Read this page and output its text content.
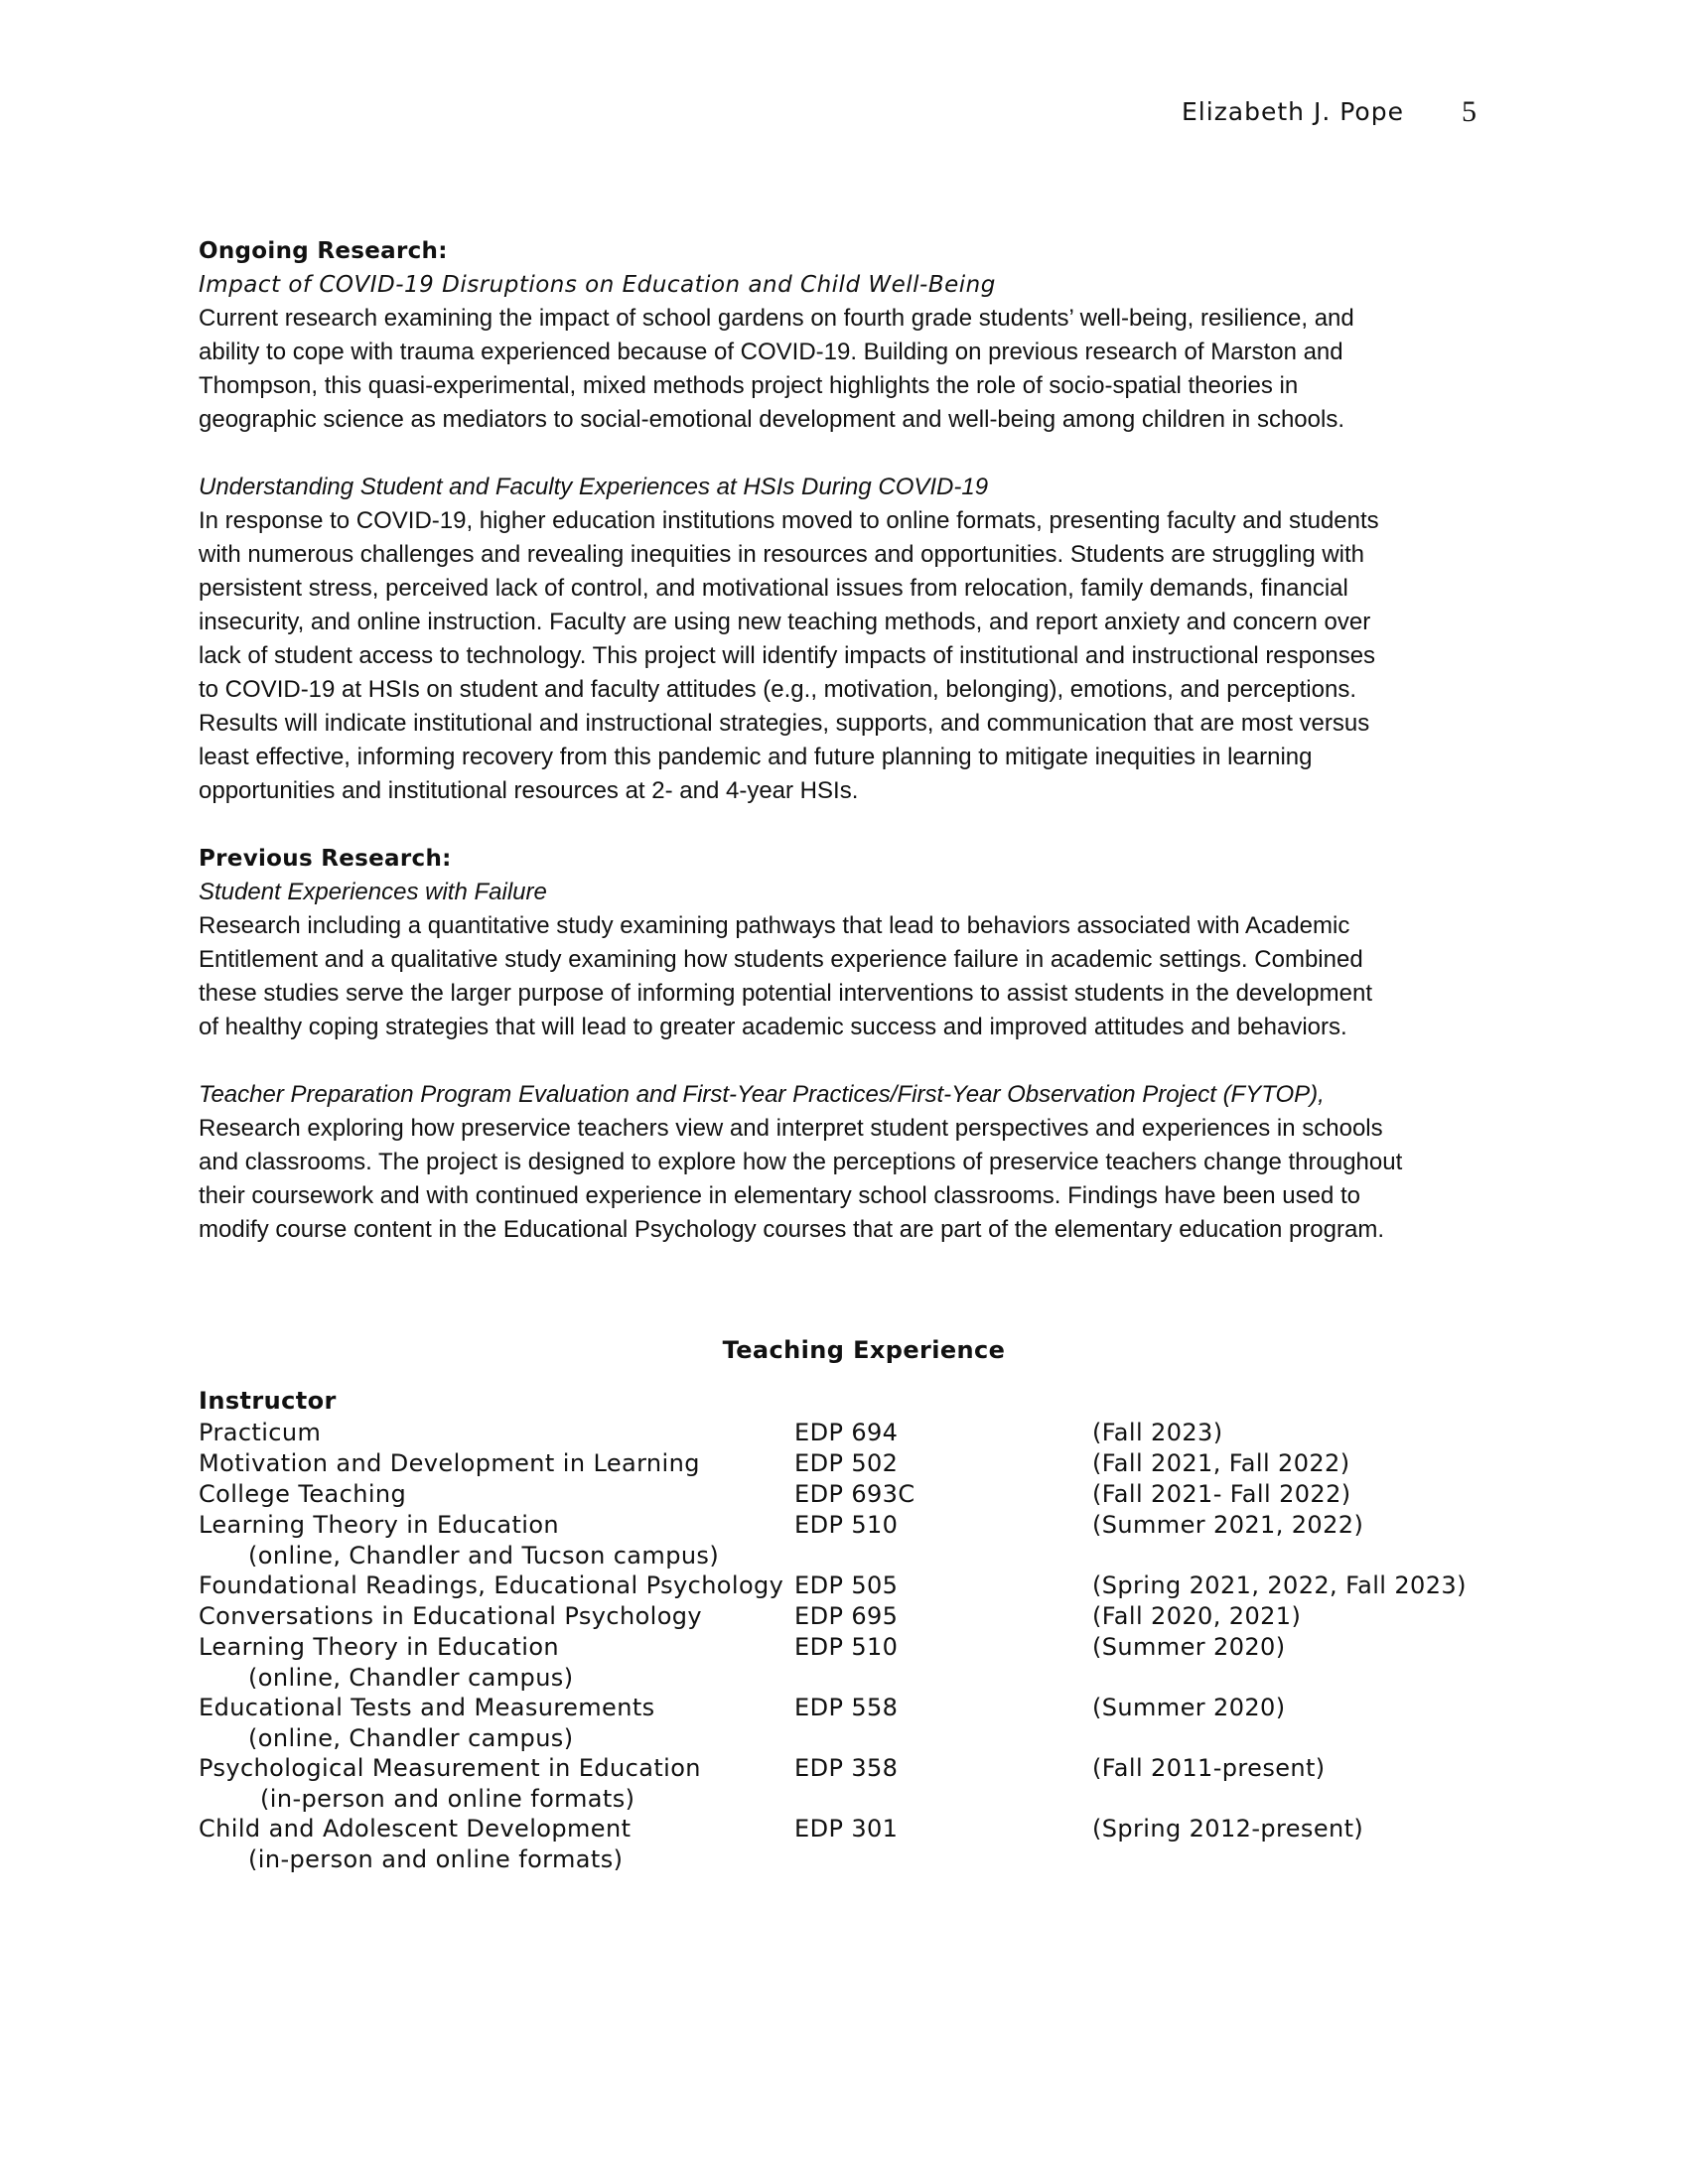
Elizabeth J. Pope 5
Ongoing Research:
Impact of COVID-19 Disruptions on Education and Child Well-Being

Current research examining the impact of school gardens on fourth grade students’ well-being, resilience, and

ability to cope with trauma experienced because of COVID-19. Building on previous research of Marston and

Thompson, this quasi-experimental, mixed methods project highlights the role of socio-spatial theories in

geographic science as mediators to social-emotional development and well-being among children in schools.

Understanding Student and Faculty Experiences at HSIs During COVID-19

In response to COVID-19, higher education institutions moved to online formats, presenting faculty and students

with numerous challenges and revealing inequities in resources and opportunities. Students are struggling with

persistent stress, perceived lack of control, and motivational issues from relocation, family demands, financial

insecurity, and online instruction. Faculty are using new teaching methods, and report anxiety and concern over

lack of student access to technology. This project will identify impacts of institutional and instructional responses

to COVID-19 at HSIs on student and faculty attitudes (e.g., motivation, belonging), emotions, and perceptions.

Results will indicate institutional and instructional strategies, supports, and communication that are most versus

least effective, informing recovery from this pandemic and future planning to mitigate inequities in learning

opportunities and institutional resources at 2- and 4-year HSIs.

Previous Research:
Student Experiences with Failure

Research including a quantitative study examining pathways that lead to behaviors associated with Academic

Entitlement and a qualitative study examining how students experience failure in academic settings. Combined

these studies serve the larger purpose of informing potential interventions to assist students in the development

of healthy coping strategies that will lead to greater academic success and improved attitudes and behaviors.

Teacher Preparation Program Evaluation and First-Year Practices/First-Year Observation Project (FYTOP),

Research exploring how preservice teachers view and interpret student perspectives and experiences in schools

and classrooms. The project is designed to explore how the perceptions of preservice teachers change throughout

their coursework and with continued experience in elementary school classrooms. Findings have been used to

modify course content in the Educational Psychology courses that are part of the elementary education program.

Teaching Experience
Instructor
Practicum	EDP 694	(Fall 2023)
Motivation and Development in Learning	EDP 502	(Fall 2021, Fall 2022)
College Teaching	EDP 693C	(Fall 2021- Fall 2022)
Learning Theory in Education	EDP 510	(Summer 2021, 2022)
(online, Chandler and Tucson campus)
Foundational Readings, Educational Psychology EDP 505	(Spring 2021, 2022, Fall 2023)
Conversations in Educational Psychology	EDP 695	(Fall 2020, 2021)
Learning Theory in Education	EDP 510	(Summer 2020)
(online, Chandler campus)
Educational Tests and Measurements	EDP 558	(Summer 2020)
(online, Chandler campus)
Psychological Measurement in Education	EDP 358	(Fall 2011-present)
(in-person and online formats)
Child and Adolescent Development	EDP 301	(Spring 2012-present)
(in-person and online formats)
